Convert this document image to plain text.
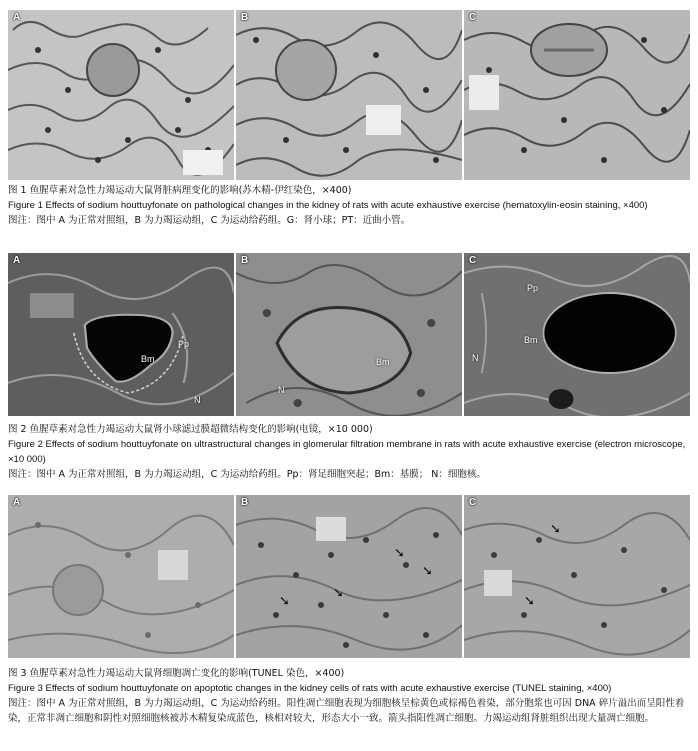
A	B	C
图 1 鱼腥草素对急性力竭运动大鼠肾脏病理变化的影响(苏木精-伊红染色，×400)
Figure 1 Effects of sodium houttuyfonate on pathological changes in the kidney of rats with acute exhaustive exercise (hematoxylin-eosin staining, ×400)
图注：图中 A 为正常对照组，B 为力竭运动组，C 为运动给药组。G：肾小球；PT：近曲小管。
A
Pp
Bm
N
B
Bm
N
C
Pp
Bm
N
图 2 鱼腥草素对急性力竭运动大鼠肾小球滤过膜超微结构变化的影响(电镜，×10 000)
Figure 2 Effects of sodium houttuyfonate on ultrastructural changes in glomerular filtration membrane in rats with acute exhaustive exercise (electron microscope, ×10 000)
图注：图中 A 为正常对照组，B 为力竭运动组，C 为运动给药组。Pp：肾足细胞突起；Bm：基膜； N：细胞核。
A	B
➘
➘
➘
➘
C
➘
➘
图 3 鱼腥草素对急性力竭运动大鼠肾细胞凋亡变化的影响(TUNEL 染色，×400)
Figure 3 Effects of sodium houttuyfonate on apoptotic changes in the kidney cells of rats with acute exhaustive exercise (TUNEL staining, ×400)
图注：图中 A 为正常对照组，B 为力竭运动组，C 为运动给药组。阳性凋亡细胞表现为细胞核呈棕黄色或棕褐色着染，部分胞浆也可因 DNA 碎片溢出而呈阳性着染，正常非凋亡细胞和阴性对照细胞核被苏木精复染成蓝色，核相对较大，形态大小一致。箭头指阳性凋亡细胞。力竭运动组肾脏组织出现大量凋亡细胞。
